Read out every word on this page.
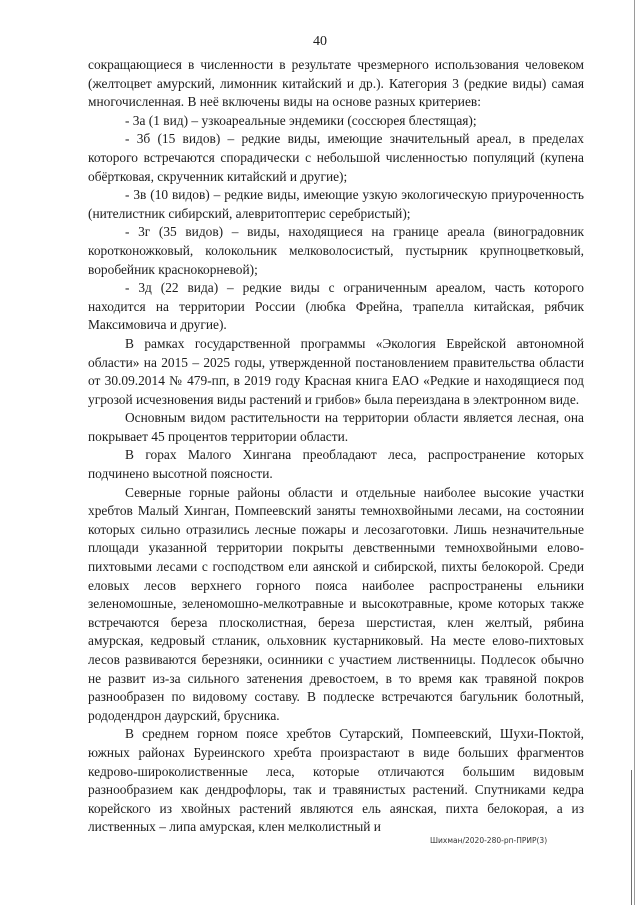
40

сокращающиеся в численности в результате чрезмерного использования человеком (желтоцвет амурский, лимонник китайский и др.). Категория 3 (редкие виды) самая многочисленная. В неё включены виды на основе разных критериев:

- 3а (1 вид) – узкоареальные эндемики (соссюрея блестящая);

- 3б (15 видов) – редкие виды, имеющие значительный ареал, в пределах которого встречаются спорадически с небольшой численностью популяций (купена обёртковая, скрученник китайский и другие);

- 3в (10 видов) – редкие виды, имеющие узкую экологическую приуроченность (нителистник сибирский, алевритоптерис серебристый);

- 3г (35 видов) – виды, находящиеся на границе ареала (виноградовник коротконожковый, колокольник мелковолосистый, пустырник крупноцветковый, воробейник краснокорневой);

- 3д (22 вида) – редкие виды с ограниченным ареалом, часть которого находится на территории России (любка Фрейна, трапелла китайская, рябчик Максимовича и другие).

В рамках государственной программы «Экология Еврейской автономной области» на 2015 – 2025 годы, утвержденной постановлением правительства области от 30.09.2014 № 479-пп, в 2019 году Красная книга ЕАО «Редкие и находящиеся под угрозой исчезновения виды растений и грибов» была переиздана в электронном виде.

Основным видом растительности на территории области является лесная, она покрывает 45 процентов территории области.

В горах Малого Хингана преобладают леса, распространение которых подчинено высотной поясности.

Северные горные районы области и отдельные наиболее высокие участки хребтов Малый Хинган, Помпеевский заняты темнохвойными лесами, на состоянии которых сильно отразились лесные пожары и лесозаготовки. Лишь незначительные площади указанной территории покрыты девственными темнохвойными елово-пихтовыми лесами с господством ели аянской и сибирской, пихты белокорой. Среди еловых лесов верхнего горного пояса наиболее распространены ельники зеленомошные, зеленомошно-мелкотравные и высокотравные, кроме которых также встречаются береза плосколистная, береза шерстистая, клен желтый, рябина амурская, кедровый стланик, ольховник кустарниковый. На месте елово-пихтовых лесов развиваются березняки, осинники с участием лиственницы. Подлесок обычно не развит из-за сильного затенения древостоем, в то время как травяной покров разнообразен по видовому составу. В подлеске встречаются багульник болотный, рододендрон даурский, брусника.

В среднем горном поясе хребтов Сутарский, Помпеевский, Шухи-Поктой, южных районах Буреинского хребта произрастают в виде больших фрагментов кедрово-широколиственные леса, которые отличаются большим видовым разнообразием как дендрофлоры, так и травянистых растений. Спутниками кедра корейского из хвойных растений являются ель аянская, пихта белокорая, а из лиственных – липа амурская, клен мелколистный и

Шихман/2020-280-рп-ПРИР(3)
